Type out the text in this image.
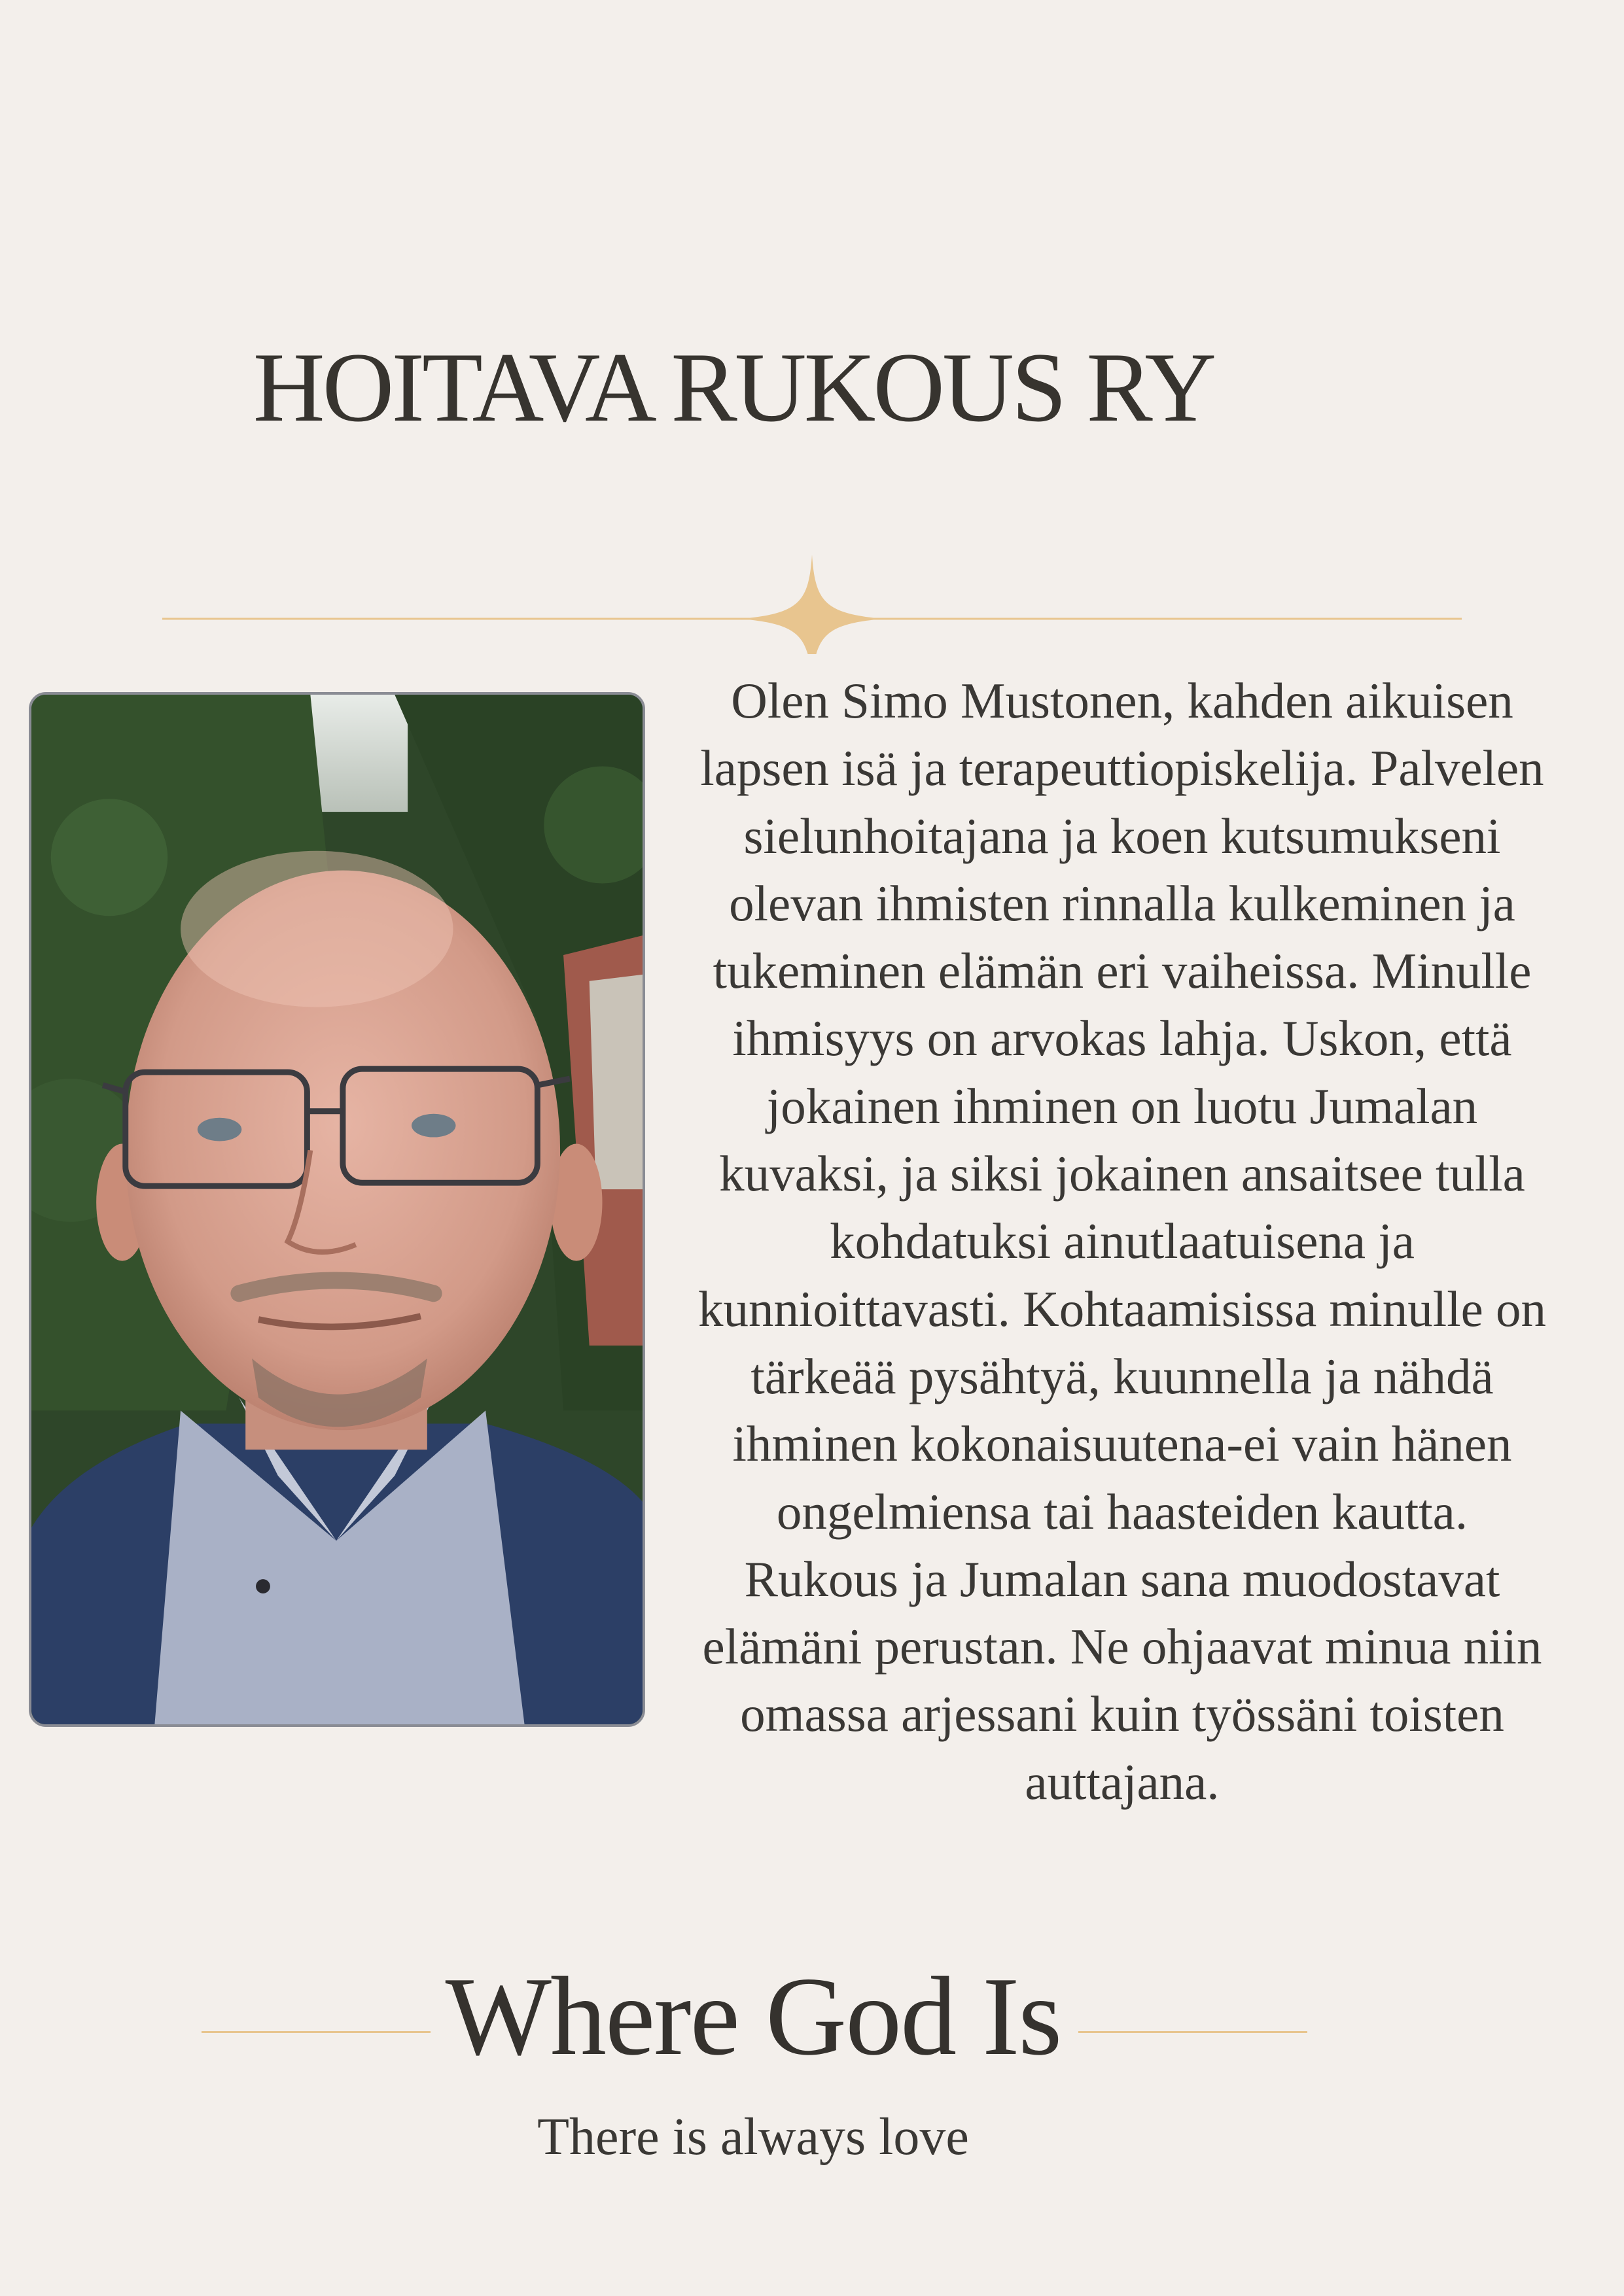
HOITAVA RUKOUS RY
Olen Simo Mustonen, kahden aikuisen
lapsen isä ja terapeuttiopiskelija. Palvelen
sielunhoitajana ja koen kutsumukseni
olevan ihmisten rinnalla kulkeminen ja
tukeminen elämän eri vaiheissa. Minulle
ihmisyys on arvokas lahja. Uskon, että
jokainen ihminen on luotu Jumalan
kuvaksi, ja siksi jokainen ansaitsee tulla
kohdatuksi ainutlaatuisena ja
kunnioittavasti. Kohtaamisissa minulle on
tärkeää pysähtyä, kuunnella ja nähdä
ihminen kokonaisuutena-ei vain hänen
ongelmiensa tai haasteiden kautta.
Rukous ja Jumalan sana muodostavat
elämäni perustan. Ne ohjaavat minua niin
omassa arjessani kuin työssäni toisten
auttajana.
Where God Is
There is always love
